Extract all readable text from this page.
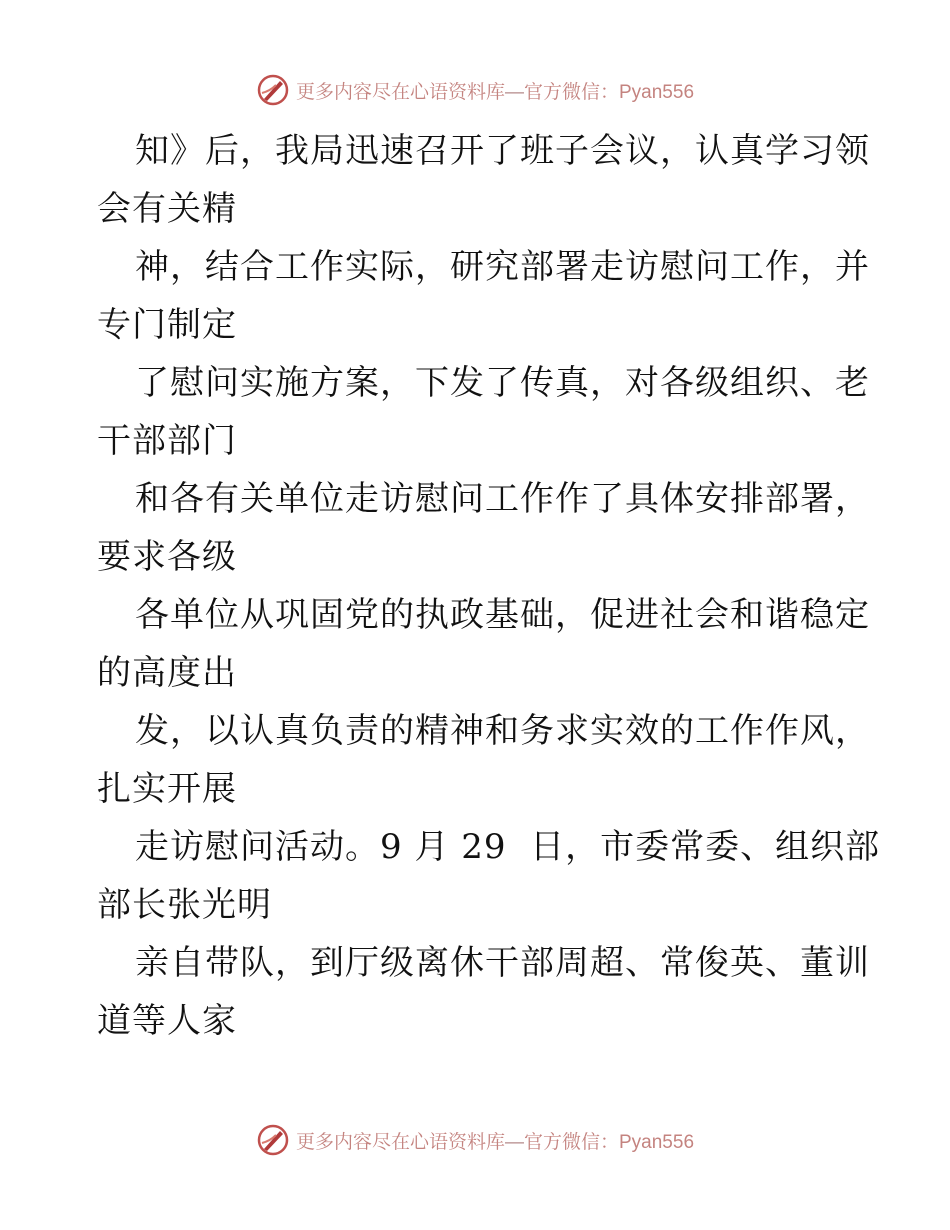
更多内容尽在心语资料库—官方微信：Pyan556
知》后，我局迅速召开了班子会议，认真学习领
会有关精
神，结合工作实际，研究部署走访慰问工作，并
专门制定
了慰问实施方案，下发了传真，对各级组织、老
干部部门
和各有关单位走访慰问工作作了具体安排部署，
要求各级
各单位从巩固党的执政基础，促进社会和谐稳定
的高度出
发，以认真负责的精神和务求实效的工作作风，
扎实开展
走访慰问活动。9 月 29  日，市委常委、组织部
部长张光明
亲自带队，到厅级离休干部周超、常俊英、董训
道等人家
更多内容尽在心语资料库—官方微信：Pyan556
